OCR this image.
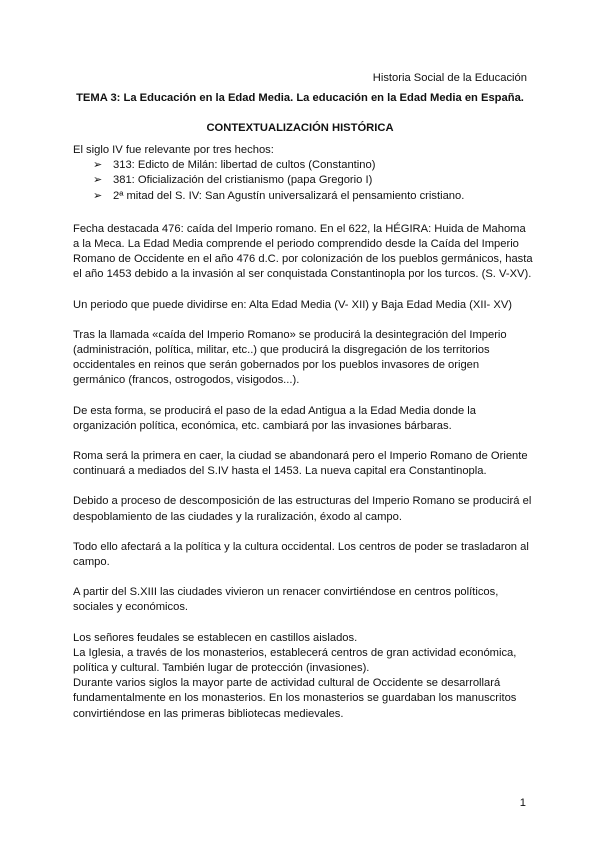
Historia Social de la Educación
TEMA 3: La Educación en la Edad Media. La educación en la Edad Media en España.
CONTEXTUALIZACIÓN HISTÓRICA

El siglo IV fue relevante por tres hechos:

➢ 313: Edicto de Milán: libertad de cultos (Constantino)
➢ 381: Oficialización del cristianismo (papa Gregorio I)
➢ 2ª mitad del S. IV: San Agustín universalizará el pensamiento cristiano.

Fecha destacada 476: caída del Imperio romano. En el 622, la HÉGIRA: Huida de Mahoma a la Meca. La Edad Media comprende el periodo comprendido desde la Caída del Imperio Romano de Occidente en el año 476 d.C. por colonización de los pueblos germánicos, hasta el año 1453 debido a la invasión al ser conquistada Constantinopla por los turcos. (S. V-XV).

Un periodo que puede dividirse en: Alta Edad Media (V- XII) y Baja Edad Media (XII- XV)

Tras la llamada «caída del Imperio Romano» se producirá la desintegración del Imperio (administración, política, militar, etc..) que producirá la disgregación de los territorios occidentales en reinos que serán gobernados por los pueblos invasores de origen germánico (francos, ostrogodos, visigodos...).

De esta forma, se producirá el paso de la edad Antigua a la Edad Media donde la organización política, económica, etc. cambiará por las invasiones bárbaras.

Roma será la primera en caer, la ciudad se abandonará pero el Imperio Romano de Oriente continuará a mediados del S.IV hasta el 1453. La nueva capital era Constantinopla.

Debido a proceso de descomposición de las estructuras del Imperio Romano se producirá el despoblamiento de las ciudades y la ruralización, éxodo al campo.

Todo ello afectará a la política y la cultura occidental. Los centros de poder se trasladaron al campo.

A partir del S.XIII las ciudades vivieron un renacer convirtiéndose en centros políticos, sociales y económicos.

Los señores feudales se establecen en castillos aislados.

La Iglesia, a través de los monasterios, establecerá centros de gran actividad económica, política y cultural. También lugar de protección (invasiones).

Durante varios siglos la mayor parte de actividad cultural de Occidente se desarrollará fundamentalmente en los monasterios. En los monasterios se guardaban los manuscritos convirtiéndose en las primeras bibliotecas medievales.

1
